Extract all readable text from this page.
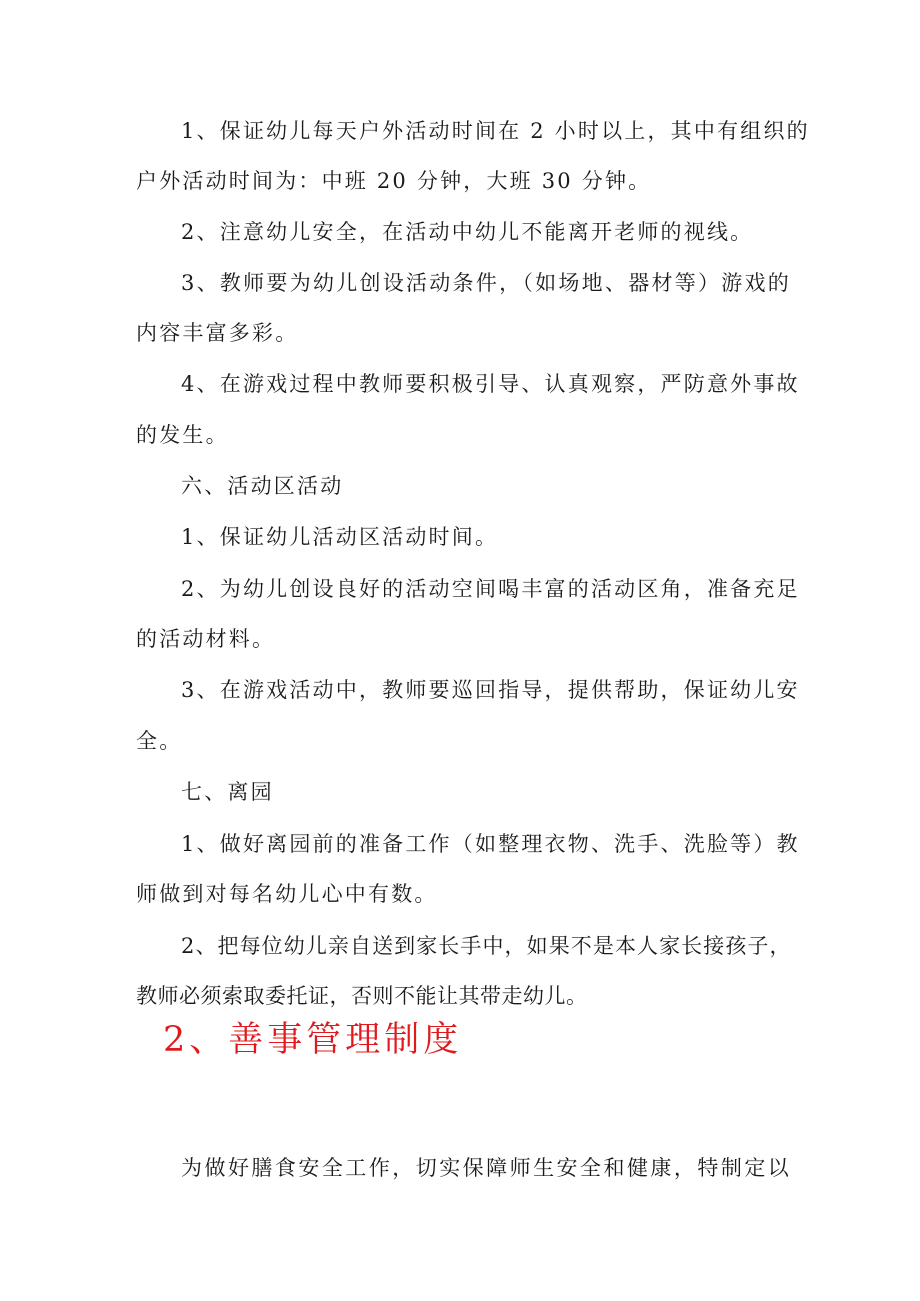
1、保证幼儿每天户外活动时间在 2 小时以上，其中有组织的
户外活动时间为：中班 20 分钟，大班 30 分钟。
2、注意幼儿安全，在活动中幼儿不能离开老师的视线。
3、教师要为幼儿创设活动条件，（如场地、器材等）游戏的
内容丰富多彩。
4、在游戏过程中教师要积极引导、认真观察，严防意外事故
的发生。
六、活动区活动
1、保证幼儿活动区活动时间。
2、为幼儿创设良好的活动空间喝丰富的活动区角，准备充足
的活动材料。
3、在游戏活动中，教师要巡回指导，提供帮助，保证幼儿安
全。
七、离园
1、做好离园前的准备工作（如整理衣物、洗手、洗脸等）教
师做到对每名幼儿心中有数。
2、把每位幼儿亲自送到家长手中，如果不是本人家长接孩子，
教师必须索取委托证，否则不能让其带走幼儿。
2、善事管理制度
为做好膳食安全工作，切实保障师生安全和健康，特制定以
